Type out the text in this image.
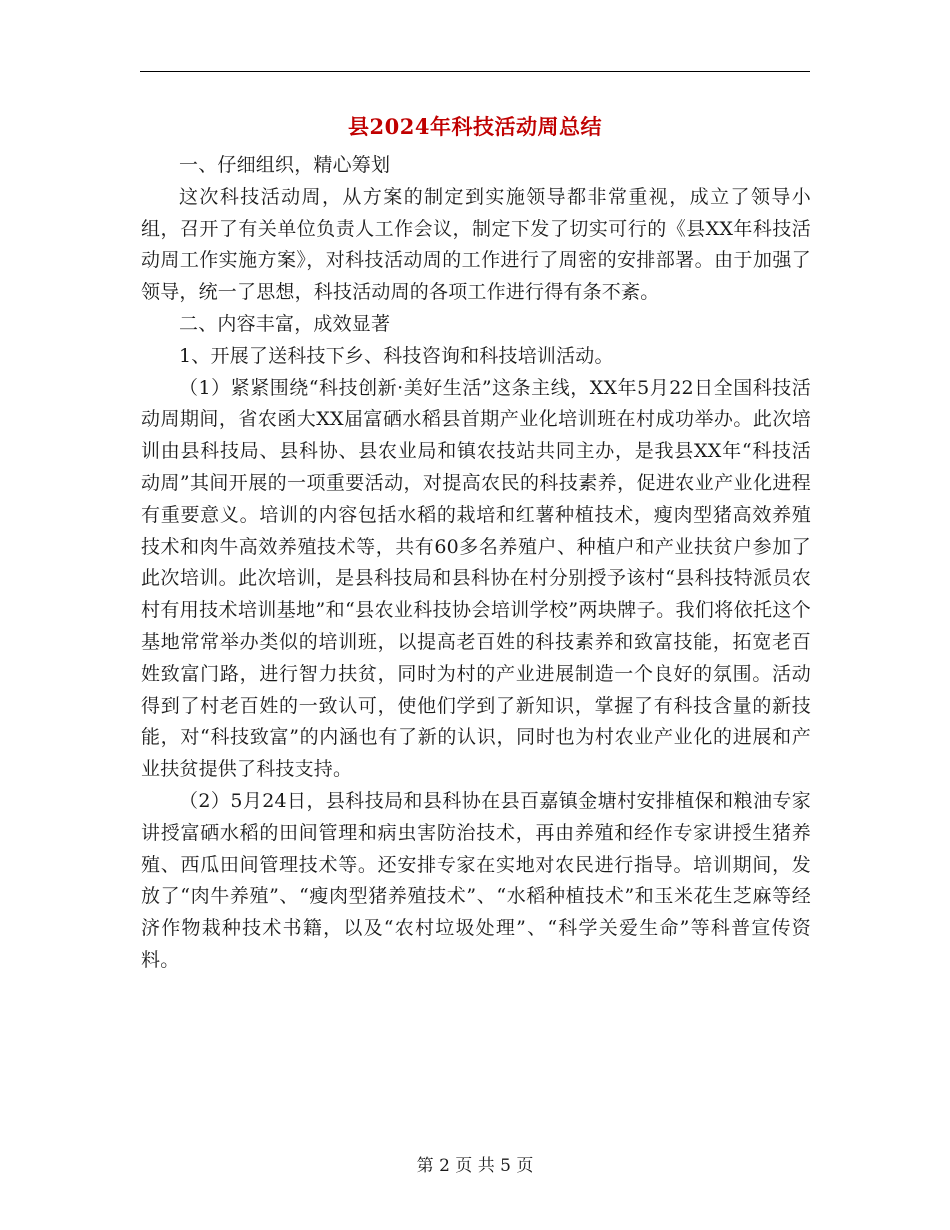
县2024年科技活动周总结

一、仔细组织，精心筹划

这次科技活动周，从方案的制定到实施领导都非常重视，成立了领导小组，召开了有关单位负责人工作会议，制定下发了切实可行的《县XX年科技活动周工作实施方案》，对科技活动周的工作进行了周密的安排部署。由于加强了领导，统一了思想，科技活动周的各项工作进行得有条不紊。

二、内容丰富，成效显著

1、开展了送科技下乡、科技咨询和科技培训活动。

（1）紧紧围绕“科技创新·美好生活”这条主线，XX年5月22日全国科技活动周期间，省农函大XX届富硒水稻县首期产业化培训班在村成功举办。此次培训由县科技局、县科协、县农业局和镇农技站共同主办，是我县XX年“科技活动周”其间开展的一项重要活动，对提高农民的科技素养，促进农业产业化进程有重要意义。培训的内容包括水稻的栽培和红薯种植技术，瘦肉型猪高效养殖技术和肉牛高效养殖技术等，共有60多名养殖户、种植户和产业扶贫户参加了此次培训。此次培训，是县科技局和县科协在村分别授予该村“县科技特派员农村有用技术培训基地”和“县农业科技协会培训学校”两块牌子。我们将依托这个基地常常举办类似的培训班，以提高老百姓的科技素养和致富技能，拓宽老百姓致富门路，进行智力扶贫，同时为村的产业进展制造一个良好的氛围。活动得到了村老百姓的一致认可，使他们学到了新知识，掌握了有科技含量的新技能，对“科技致富”的内涵也有了新的认识，同时也为村农业产业化的进展和产业扶贫提供了科技支持。

（2）5月24日，县科技局和县科协在县百嘉镇金塘村安排植保和粮油专家讲授富硒水稻的田间管理和病虫害防治技术，再由养殖和经作专家讲授生猪养殖、西瓜田间管理技术等。还安排专家在实地对农民进行指导。培训期间，发放了“肉牛养殖”、“瘦肉型猪养殖技术”、“水稻种植技术”和玉米花生芝麻等经济作物栽种技术书籍，以及“农村垃圾处理”、“科学关爱生命”等科普宣传资料。

第 2 页 共 5 页
